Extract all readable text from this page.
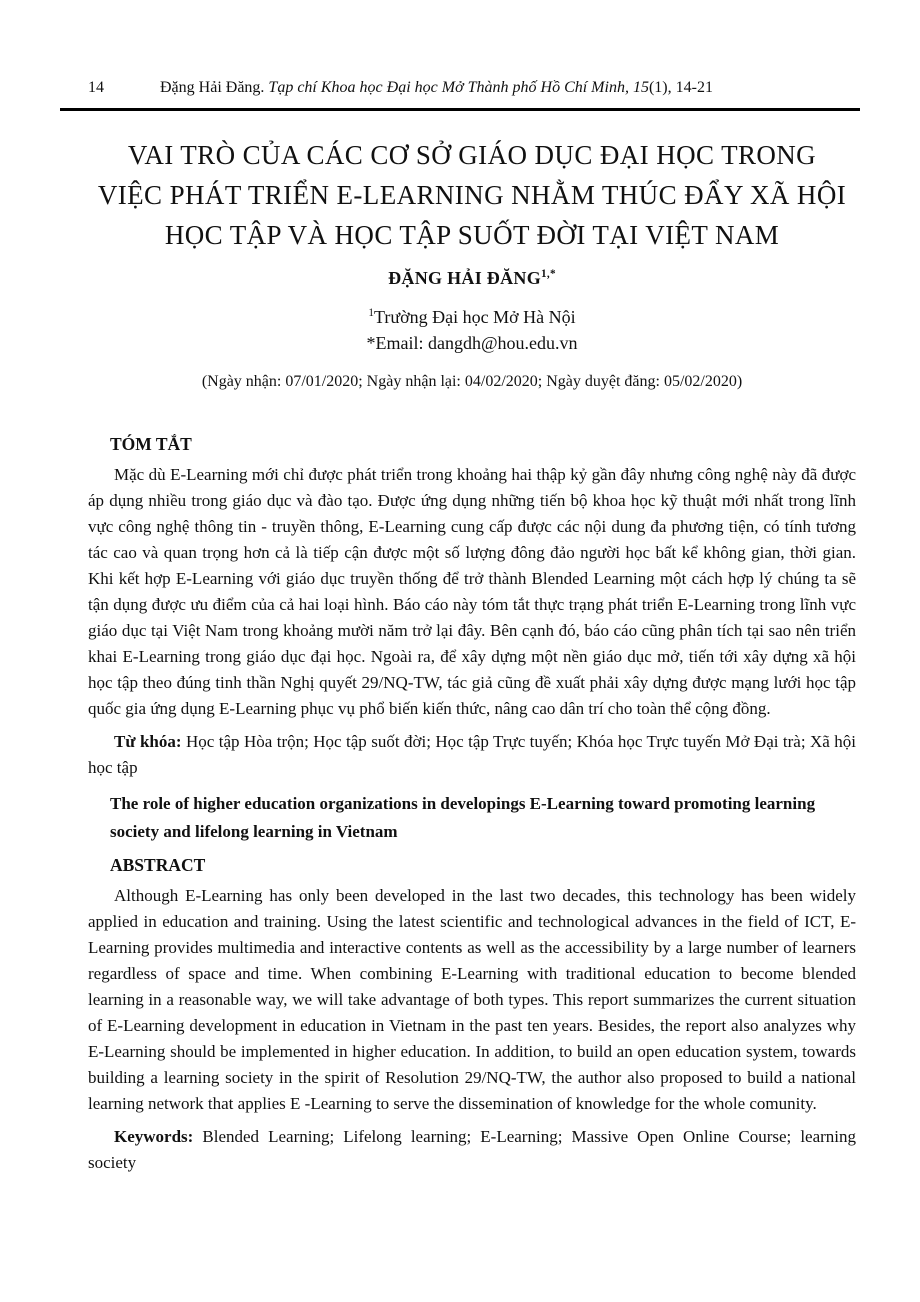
14	Đặng Hải Đăng. Tạp chí Khoa học Đại học Mở Thành phố Hồ Chí Minh, 15(1), 14-21
VAI TRÒ CỦA CÁC CƠ SỞ GIÁO DỤC ĐẠI HỌC TRONG
VIỆC PHÁT TRIỂN E-LEARNING NHẰM THÚC ĐẨY XÃ HỘI
HỌC TẬP VÀ HỌC TẬP SUỐT ĐỜI TẠI VIỆT NAM
ĐẶNG HẢI $ĐĂNG^{1,*}$
$^1$Trường Đại học Mở Hà Nội
*Email: dangdh@hou.edu.vn
(Ngày nhận: 07/01/2020; Ngày nhận lại: 04/02/2020; Ngày duyệt đăng: 05/02/2020)
TÓM TẮT

Mặc dù E-Learning mới chỉ được phát triển trong khoảng hai thập kỷ gần đây nhưng công nghệ này đã được áp dụng nhiều trong giáo dục và đào tạo. Được ứng dụng những tiến bộ khoa học kỹ thuật mới nhất trong lĩnh vực công nghệ thông tin - truyền thông, E-Learning cung cấp được các nội dung đa phương tiện, có tính tương tác cao và quan trọng hơn cả là tiếp cận được một số lượng đông đảo người học bất kể không gian, thời gian. Khi kết hợp E-Learning với giáo dục truyền thống để trở thành Blended Learning một cách hợp lý chúng ta sẽ tận dụng được ưu điểm của cả hai loại hình. Báo cáo này tóm tắt thực trạng phát triển E-Learning trong lĩnh vực giáo dục tại Việt Nam trong khoảng mười năm trở lại đây. Bên cạnh đó, báo cáo cũng phân tích tại sao nên triển khai E-Learning trong giáo dục đại học. Ngoài ra, để xây dựng một nền giáo dục mở, tiến tới xây dựng xã hội học tập theo đúng tinh thần Nghị quyết 29/NQ-TW, tác giả cũng đề xuất phải xây dựng được mạng lưới học tập quốc gia ứng dụng E-Learning phục vụ phổ biến kiến thức, nâng cao dân trí cho toàn thể cộng đồng.

Từ khóa: Học tập Hòa trộn; Học tập suốt đời; Học tập Trực tuyến; Khóa học Trực tuyến Mở Đại trà; Xã hội học tập

The role of higher education organizations in developings E-Learning toward promoting learning society and lifelong learning in Vietnam
ABSTRACT

Although E-Learning has only been developed in the last two decades, this technology has been widely applied in education and training. Using the latest scientific and technological advances in the field of ICT, E-Learning provides multimedia and interactive contents as well as the accessibility by a large number of learners regardless of space and time. When combining E-Learning with traditional education to become blended learning in a reasonable way, we will take advantage of both types. This report summarizes the current situation of E-Learning development in education in Vietnam in the past ten years. Besides, the report also analyzes why E-Learning should be implemented in higher education. In addition, to build an open education system, towards building a learning society in the spirit of Resolution 29/NQ-TW, the author also proposed to build a national learning network that applies E -Learning to serve the dissemination of knowledge for the whole comunity.

Keywords: Blended Learning; Lifelong learning; E-Learning; Massive Open Online Course; learning society
